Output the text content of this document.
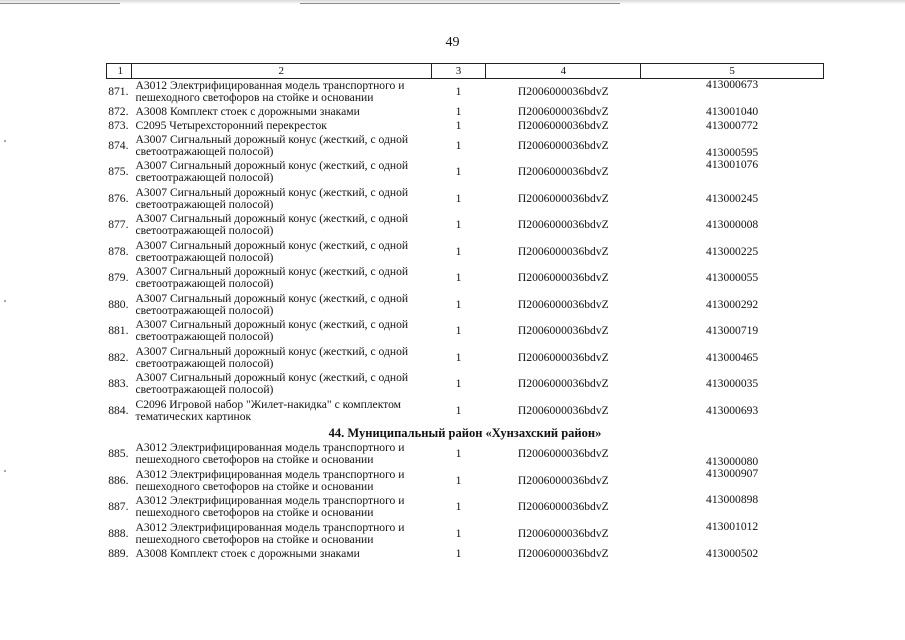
49
1	2	3	4	5
871.	А3012 Электрифицированная модель транспортного и пешеходного светофоров на стойке и основании	1	П2006000036bdvZ	413000673
872.	А3008 Комплект стоек с дорожными знаками	1	П2006000036bdvZ	413001040
873.	С2095 Четырехсторонний перекресток	1	П2006000036bdvZ	413000772
874.	А3007 Сигнальный дорожный конус (жесткий, с одной светоотражающей полосой)	1	П2006000036bdvZ	413000595
875.	А3007 Сигнальный дорожный конус (жесткий, с одной светоотражающей полосой)	1	П2006000036bdvZ	413001076
876.	А3007 Сигнальный дорожный конус (жесткий, с одной светоотражающей полосой)	1	П2006000036bdvZ	413000245
877.	А3007 Сигнальный дорожный конус (жесткий, с одной светоотражающей полосой)	1	П2006000036bdvZ	413000008
878.	А3007 Сигнальный дорожный конус (жесткий, с одной светоотражающей полосой)	1	П2006000036bdvZ	413000225
879.	А3007 Сигнальный дорожный конус (жесткий, с одной светоотражающей полосой)	1	П2006000036bdvZ	413000055
880.	А3007 Сигнальный дорожный конус (жесткий, с одной светоотражающей полосой)	1	П2006000036bdvZ	413000292
881.	А3007 Сигнальный дорожный конус (жесткий, с одной светоотражающей полосой)	1	П2006000036bdvZ	413000719
882.	А3007 Сигнальный дорожный конус (жесткий, с одной светоотражающей полосой)	1	П2006000036bdvZ	413000465
883.	А3007 Сигнальный дорожный конус (жесткий, с одной светоотражающей полосой)	1	П2006000036bdvZ	413000035
884.	С2096 Игровой набор "Жилет-накидка" с комплектом тематических картинок	1	П2006000036bdvZ	413000693
44. Муниципальный район «Хунзахский район»				
885.	А3012 Электрифицированная модель транспортного и пешеходного светофоров на стойке и основании	1	П2006000036bdvZ	413000080
886.	А3012 Электрифицированная модель транспортного и пешеходного светофоров на стойке и основании	1	П2006000036bdvZ	413000907
887.	А3012 Электрифицированная модель транспортного и пешеходного светофоров на стойке и основании	1	П2006000036bdvZ	413000898
888.	А3012 Электрифицированная модель транспортного и пешеходного светофоров на стойке и основании	1	П2006000036bdvZ	413001012
889.	А3008 Комплект стоек с дорожными знаками	1	П2006000036bdvZ	413000502
